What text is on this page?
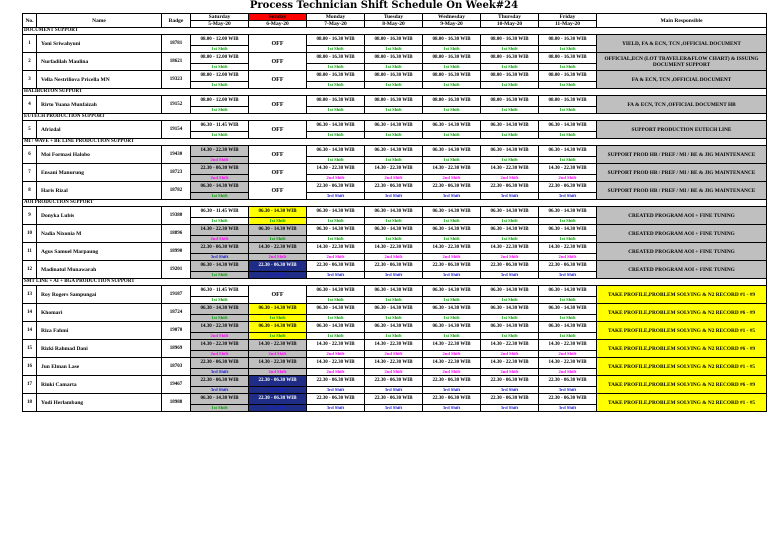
Process Technician Shift Schedule On Week#24
No.	Name	Badge	Saturday	Sunday	Monday	Tuesday	Wednesday	Thursday	Friday	Main Responsible
			5-May-20	6-May-20	7-May-20	8-May-20	9-May-20	10-May-20	11-May-20	
DOCUMENT SUPPORT										
1	Yoni Sriwahyuni	18781	08.00 - 12.00 WIB	OFF	08.00 - 16.30 WIB	08.00 - 16.30 WIB	08.00 - 16.30 WIB	08.00 - 16.30 WIB	08.00 - 16.30 WIB	YIELD, FA & ECN, TCN ,OFFICIAL DOCUMENT
			1st Shift		1st Shift	1st Shift	1st Shift	1st Shift	1st Shift	
2	Nurfadilah Maulina	18621	08.00 - 12.00 WIB	OFF	08.00 - 16.30 WIB	08.00 - 16.30 WIB	08.00 - 16.30 WIB	08.00 - 16.30 WIB	08.00 - 16.30 WIB	OFFICIAL,ECN (LOT TRAVELER&FLOW CHART) & ISSUING DOCUMENT SUPPORT
			1st Shift		1st Shift	1st Shift	1st Shift	1st Shift	1st Shift	
3	Vella Nestriliova Pricella MN	19323	08.00 - 12.00 WIB	OFF	08.00 - 16.30 WIB	08.00 - 16.30 WIB	08.00 - 16.30 WIB	08.00 - 16.30 WIB	08.00 - 16.30 WIB	FA & ECN, TCN ,OFFICIAL DOCUMENT
			1st Shift		1st Shift	1st Shift	1st Shift	1st Shift	1st Shift	
HALIBURTON SUPPORT										
4	Rirto Yuana Munfaizah	19152	08.00 - 12.00 WIB	OFF	08.00 - 16.30 WIB	08.00 - 16.30 WIB	08.00 - 16.30 WIB	08.00 - 16.30 WIB	08.00 - 16.30 WIB	FA & ECN, TCN ,OFFICIAL DOCUMENT HB
			1st Shift		1st Shift	1st Shift	1st Shift	1st Shift	1st Shift	
EUTECH PRODUCTION SUPPORT										
5	Afrizdal	19154	06.30 - 11.45 WIB	OFF	06.30 - 14.30 WIB	06.30 - 14.30 WIB	06.30 - 14.30 WIB	06.30 - 14.30 WIB	06.30 - 14.30 WIB	SUPPORT PRODUCTION EUTECH LINE
			1st Shift		1st Shift	1st Shift	1st Shift	1st Shift	1st Shift	
MI / WAVE + BE LINE PRODUCTION SUPPORT										
6	Moi Formasi Halobo	19430	14.30 - 22.30 WIB	OFF	06.30 - 14.30 WIB	06.30 - 14.30 WIB	06.30 - 14.30 WIB	06.30 - 14.30 WIB	06.30 - 14.30 WIB	SUPPORT PROD HB / PREF / MI / BE & JIG MAINTENANCE
			2nd Shift		1st Shift	1st Shift	1st Shift	1st Shift	1st Shift	
7	Ensani Manurung	18723	22.30 - 06.30 WIB	OFF	14.30 - 22.30 WIB	14.30 - 22.30 WIB	14.30 - 22.30 WIB	14.30 - 22.30 WIB	14.30 - 22.30 WIB	SUPPORT PROD HB / PREF / MI / BE & JIG MAINTENANCE
			2nd Shift		2nd Shift	2nd Shift	2nd Shift	2nd Shift	2nd Shift	
8	Haris Rizal	18782	06.30 - 14.30 WIB	OFF	22.30 - 06.30 WIB	22.30 - 06.30 WIB	22.30 - 06.30 WIB	22.30 - 06.30 WIB	22.30 - 06.30 WIB	SUPPORT PROD HB / PREF / MI / BE & JIG MAINTENANCE
			1st Shift		3rd Shift	3rd Shift	3rd Shift	3rd Shift	3rd Shift	
AOI PRODUCTION SUPPORT										
9	Donyka Lubis	19380	06.30 - 11.45 WIB	06.30 - 14.30 WIB	06.30 - 14.30 WIB	06.30 - 14.30 WIB	06.30 - 14.30 WIB	06.30 - 14.30 WIB	06.30 - 14.30 WIB	CREATED PROGRAM AOI + FINE TUNING
			1st Shift	1st Shift	1st Shift	1st Shift	1st Shift	1st Shift	1st Shift	
10	Nadia Nixonia M	18896	14.30 - 22.30 WIB	06.30 - 14.30 WIB	06.30 - 14.30 WIB	06.30 - 14.30 WIB	06.30 - 14.30 WIB	06.30 - 14.30 WIB	06.30 - 14.30 WIB	CREATED PROGRAM AOI + FINE TUNING
			2nd Shift	1st Shift	1st Shift	1st Shift	1st Shift	1st Shift	1st Shift	
11	Agus Samuel Marpaung	18990	22.30 - 06.30 WIB	14.30 - 22.30 WIB	14.30 - 22.30 WIB	14.30 - 22.30 WIB	14.30 - 22.30 WIB	14.30 - 22.30 WIB	14.30 - 22.30 WIB	CREATED PROGRAM AOI + FINE TUNING
			3rd Shift	2nd Shift	2nd Shift	2nd Shift	2nd Shift	2nd Shift	2nd Shift	
12	Madinatul Munawarah	19201	06.30 - 14.30 WIB	22.30 - 06.30 WIB	22.30 - 06.30 WIB	22.30 - 06.30 WIB	22.30 - 06.30 WIB	22.30 - 06.30 WIB	22.30 - 06.30 WIB	CREATED PROGRAM AOI + FINE TUNING
			1st Shift	3rd Shift	3rd Shift	3rd Shift	3rd Shift	3rd Shift	3rd Shift	
SMT LINE + AI + BGA PRODUCTION SUPPORT										
13	Roy Rogers Sampungai	19187	06.30 - 11.45 WIB	OFF	06.30 - 14.30 WIB	06.30 - 14.30 WIB	06.30 - 14.30 WIB	06.30 - 14.30 WIB	06.30 - 14.30 WIB	TAKE PROFILE,PROBLEM SOLVING & N2 RECORD #1 - #9
			1st Shift		1st Shift	1st Shift	1st Shift	1st Shift	1st Shift	
14	Khomari	18724	06.30 - 14.30 WIB	06.30 - 14.30 WIB	06.30 - 14.30 WIB	06.30 - 14.30 WIB	06.30 - 14.30 WIB	06.30 - 14.30 WIB	06.30 - 14.30 WIB	TAKE PROFILE,PROBLEM SOLVING & N2 RECORD #6 - #9
			1st Shift	1st Shift	1st Shift	1st Shift	1st Shift	1st Shift	1st Shift	
14	Riza Fahmi	19070	14.30 - 22.30 WIB	06.30 - 14.30 WIB	06.30 - 14.30 WIB	06.30 - 14.30 WIB	06.30 - 14.30 WIB	06.30 - 14.30 WIB	06.30 - 14.30 WIB	TAKE PROFILE,PROBLEM SOLVING & N2 RECORD #1 - #5
			2nd Shift	1st Shift	1st Shift	1st Shift	1st Shift	1st Shift	1st Shift	
15	Rizki Rahmad Dani	18969	14.30 - 22.30 WIB	14.30 - 22.30 WIB	14.30 - 22.30 WIB	14.30 - 22.30 WIB	14.30 - 22.30 WIB	14.30 - 22.30 WIB	14.30 - 22.30 WIB	TAKE PROFILE,PROBLEM SOLVING & N2 RECORD #6 - #9
			2nd Shift	2nd Shift	2nd Shift	2nd Shift	2nd Shift	2nd Shift	2nd Shift	
16	Jun Elman Lase	18703	22.30 - 06.30 WIB	14.30 - 22.30 WIB	14.30 - 22.30 WIB	14.30 - 22.30 WIB	14.30 - 22.30 WIB	14.30 - 22.30 WIB	14.30 - 22.30 WIB	TAKE PROFILE,PROBLEM SOLVING & N2 RECORD #1 - #5
			3rd Shift	2nd Shift	2nd Shift	2nd Shift	2nd Shift	2nd Shift	2nd Shift	
17	Rinki Camarta	19467	22.30 - 06.30 WIB	22.30 - 06.30 WIB	22.30 - 06.30 WIB	22.30 - 06.30 WIB	22.30 - 06.30 WIB	22.30 - 06.30 WIB	22.30 - 06.30 WIB	TAKE PROFILE,PROBLEM SOLVING & N2 RECORD #6 - #9
			3rd Shift	3rd Shift	3rd Shift	3rd Shift	3rd Shift	3rd Shift	3rd Shift	
18	Yudi Herlambang	18988	06.30 - 14.30 WIB	22.30 - 06.30 WIB	22.30 - 06.30 WIB	22.30 - 06.30 WIB	22.30 - 06.30 WIB	22.30 - 06.30 WIB	22.30 - 06.30 WIB	TAKE PROFILE,PROBLEM SOLVING & N2 RECORD #1 - #5
			1st Shift	3rd Shift	3rd Shift	3rd Shift	3rd Shift	3rd Shift	3rd Shift	
